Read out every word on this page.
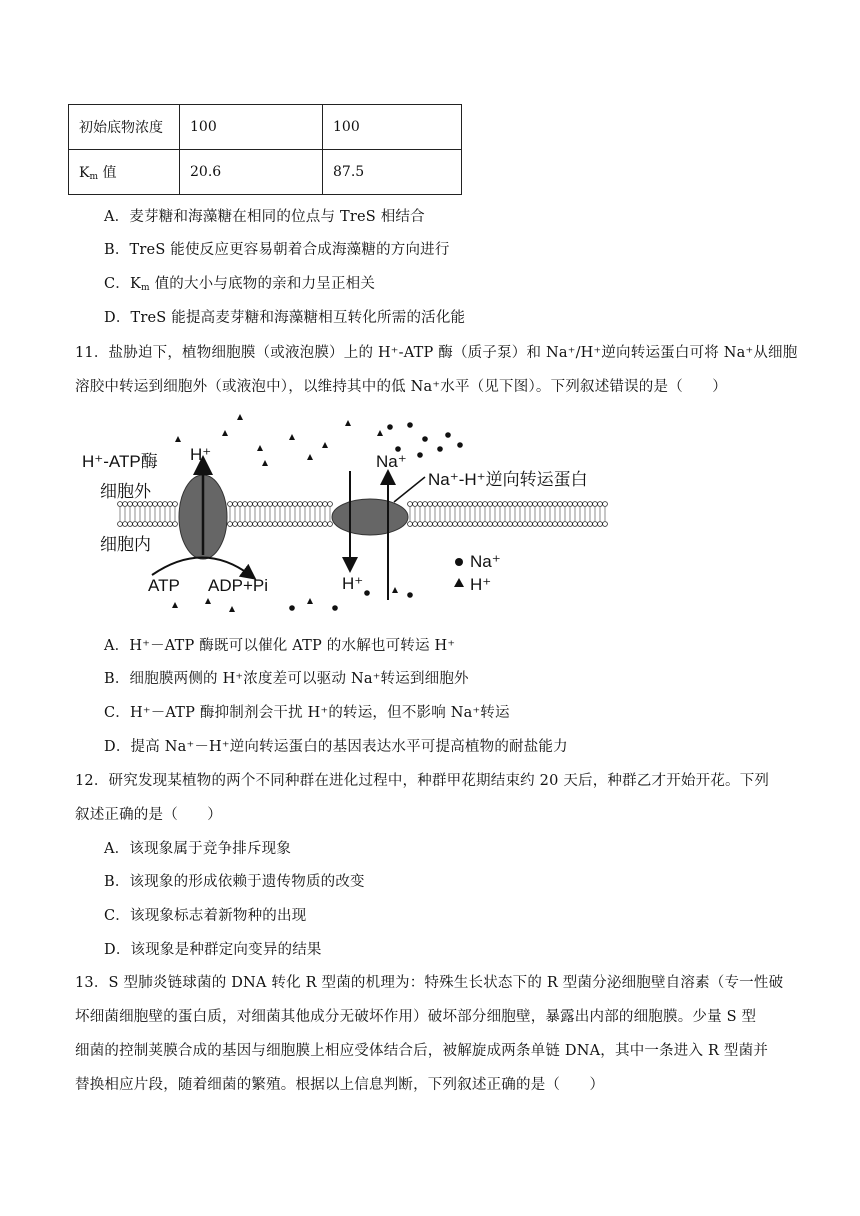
初始底物浓度	100	100
$K_m$ 值	20.6	87.5
A．麦芽糖和海藻糖在相同的位点与 TreS 相结合
B．TreS 能使反应更容易朝着合成海藻糖的方向进行
C．$K_m$ 值的大小与底物的亲和力呈正相关
D．TreS 能提高麦芽糖和海藻糖相互转化所需的活化能
11．盐胁迫下，植物细胞膜（或液泡膜）上的 H⁺-ATP 酶（质子泵）和 Na⁺/H⁺逆向转运蛋白可将 Na⁺从细胞
溶胶中转运到细胞外（或液泡中），以维持其中的低 Na⁺水平（见下图）。下列叙述错误的是（　　）
H⁺-ATP酶 H⁺
细胞外
细胞内
ATP ADP+Pi
Na⁺-H⁺逆向转运蛋白
Na⁺
H⁺
Na⁺
H⁺
A．H⁺－ATP 酶既可以催化 ATP 的水解也可转运 H⁺
B．细胞膜两侧的 H⁺浓度差可以驱动 Na⁺转运到细胞外
C．H⁺－ATP 酶抑制剂会干扰 H⁺的转运，但不影响 Na⁺转运
D．提高 Na⁺－H⁺逆向转运蛋白的基因表达水平可提高植物的耐盐能力
12．研究发现某植物的两个不同种群在进化过程中，种群甲花期结束约 20 天后，种群乙才开始开花。下列
叙述正确的是（　　）
A．该现象属于竞争排斥现象
B．该现象的形成依赖于遗传物质的改变
C．该现象标志着新物种的出现
D．该现象是种群定向变异的结果
13．S 型肺炎链球菌的 DNA 转化 R 型菌的机理为：特殊生长状态下的 R 型菌分泌细胞壁自溶素（专一性破
坏细菌细胞壁的蛋白质，对细菌其他成分无破坏作用）破坏部分细胞壁，暴露出内部的细胞膜。少量 S 型
细菌的控制荚膜合成的基因与细胞膜上相应受体结合后，被解旋成两条单链 DNA，其中一条进入 R 型菌并
替换相应片段，随着细菌的繁殖。根据以上信息判断，下列叙述正确的是（　　）
